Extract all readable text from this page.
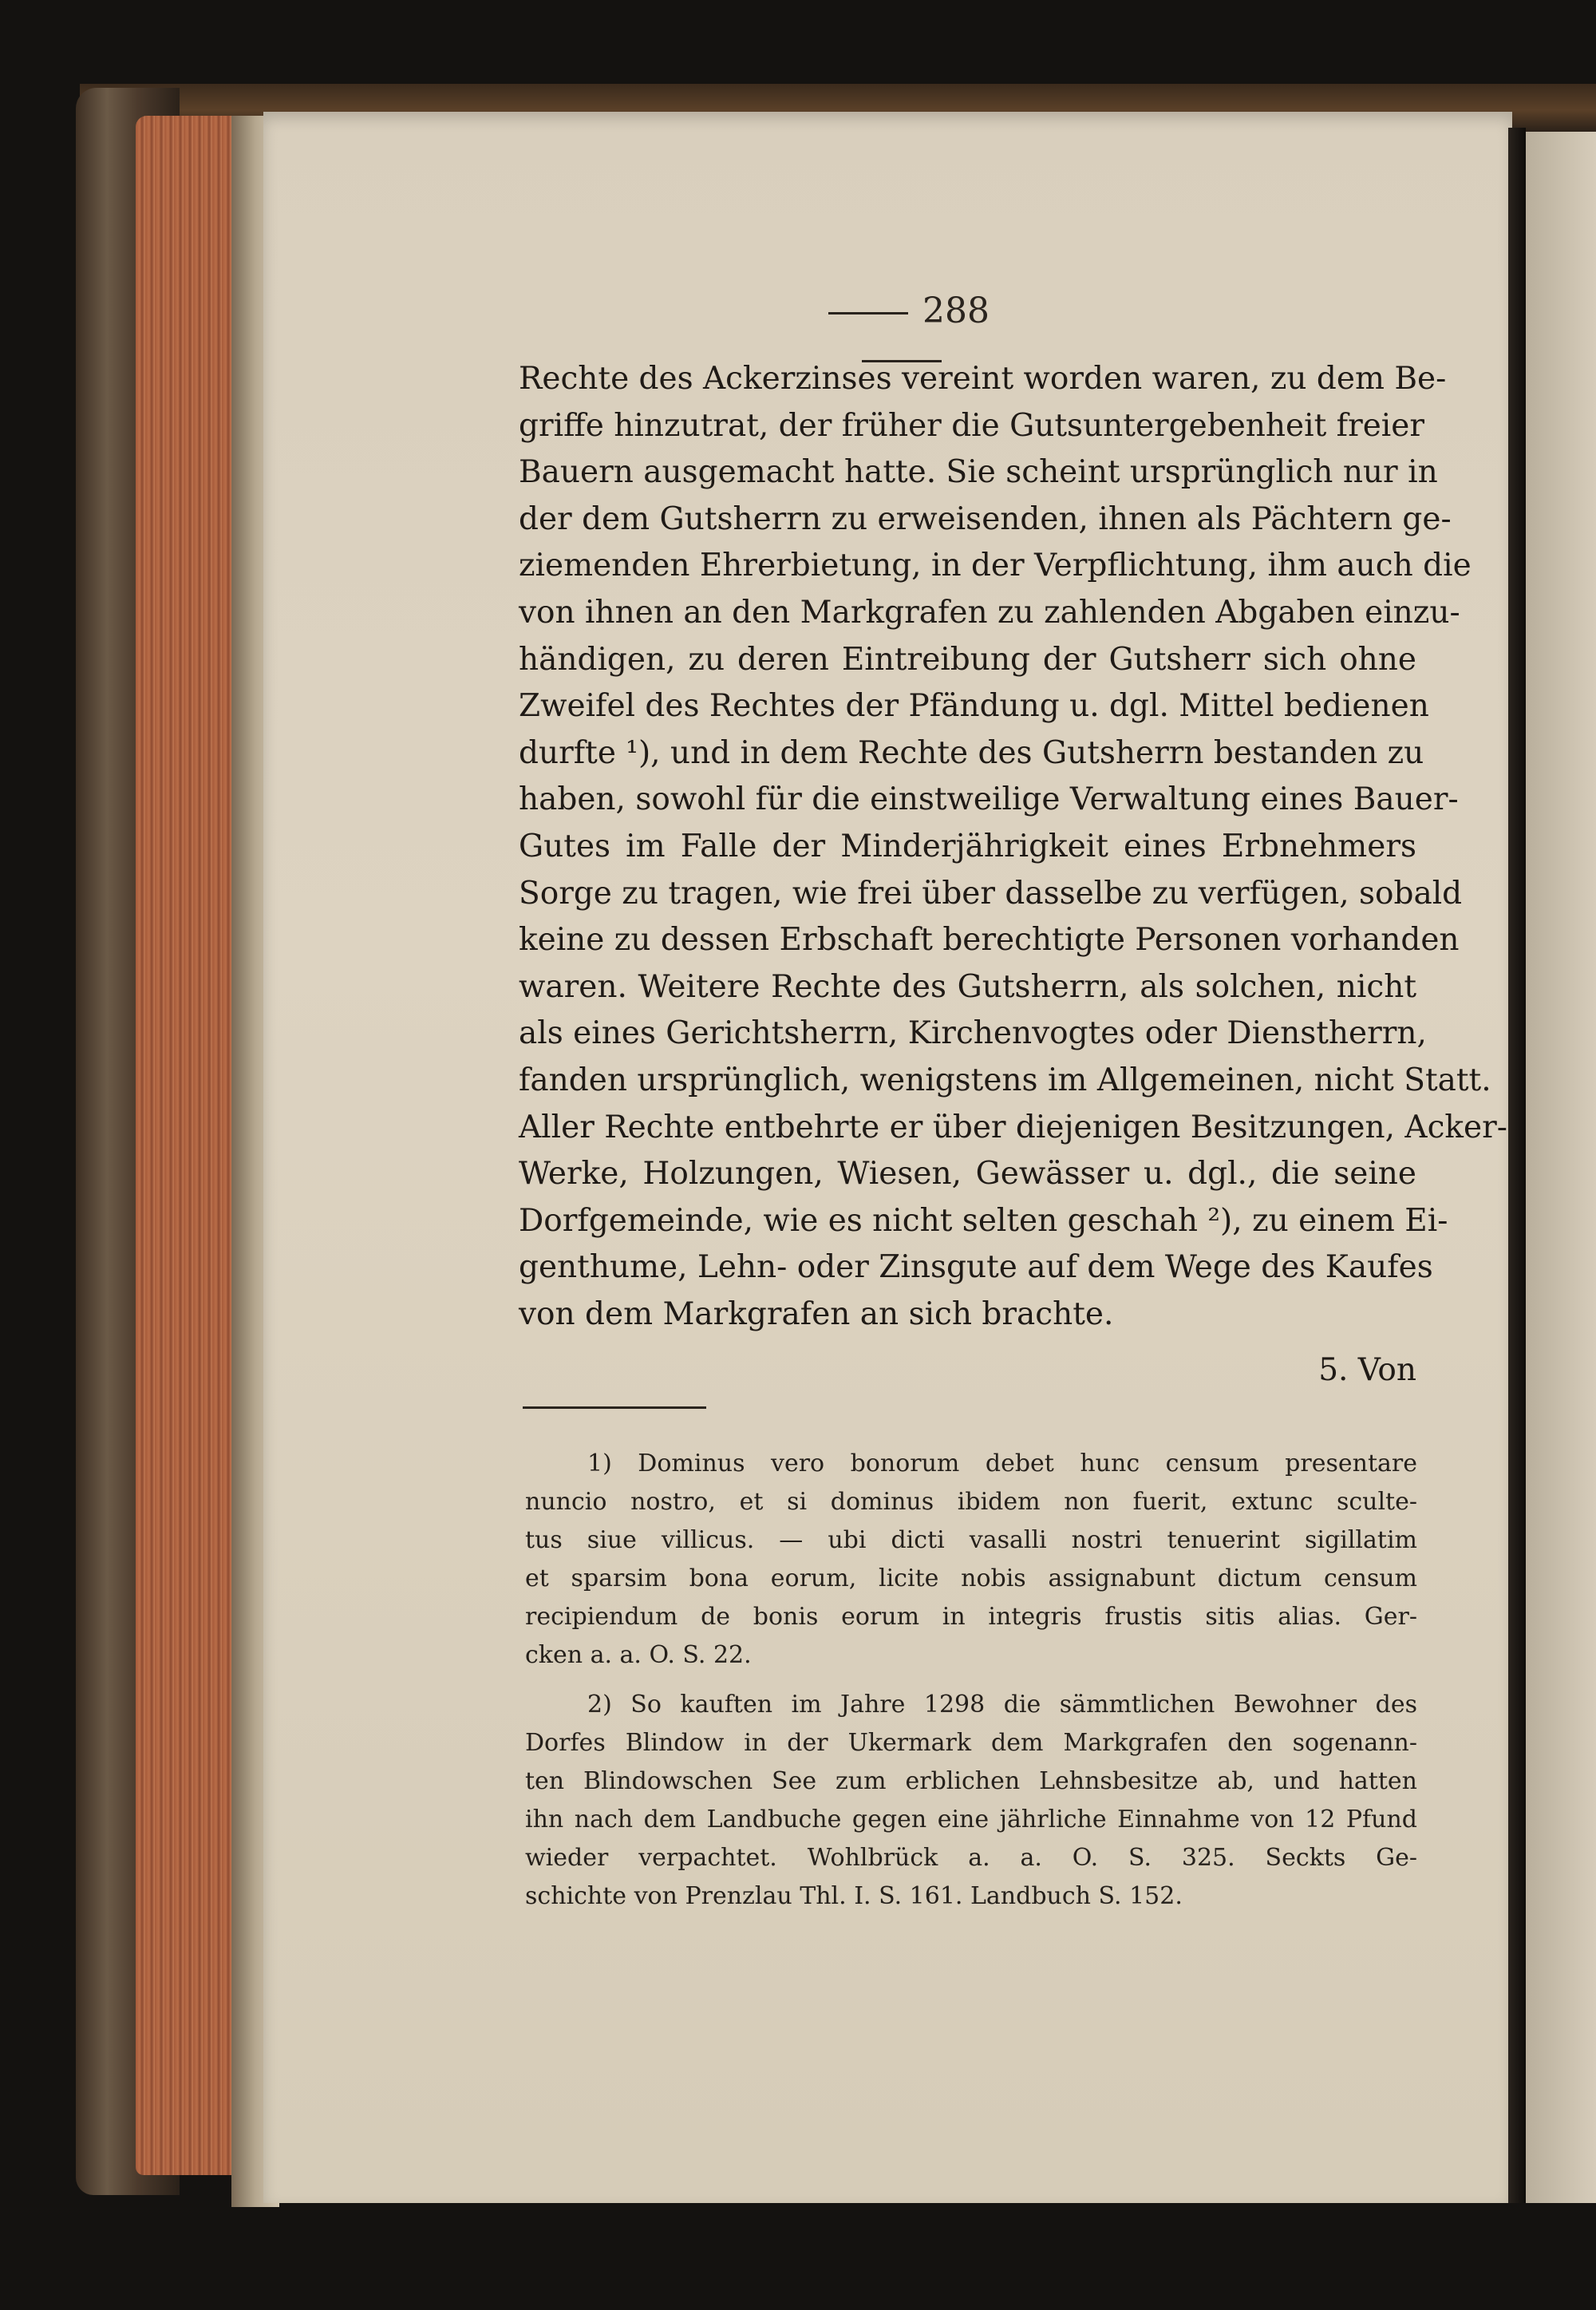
288
Rechte des Ackerzinses vereint worden waren, zu dem Be-
griffe hinzutrat, der früher die Gutsuntergebenheit freier
Bauern ausgemacht hatte. Sie scheint ursprünglich nur in
der dem Gutsherrn zu erweisenden, ihnen als Pächtern ge-
ziemenden Ehrerbietung, in der Verpflichtung, ihm auch die
von ihnen an den Markgrafen zu zahlenden Abgaben einzu-
händigen, zu deren Eintreibung der Gutsherr sich ohne
Zweifel des Rechtes der Pfändung u. dgl. Mittel bedienen
durfte ¹), und in dem Rechte des Gutsherrn bestanden zu
haben, sowohl für die einstweilige Verwaltung eines Bauer-
Gutes im Falle der Minderjährigkeit eines Erbnehmers
Sorge zu tragen, wie frei über dasselbe zu verfügen, sobald
keine zu dessen Erbschaft berechtigte Personen vorhanden
waren. Weitere Rechte des Gutsherrn, als solchen, nicht
als eines Gerichtsherrn, Kirchenvogtes oder Dienstherrn,
fanden ursprünglich, wenigstens im Allgemeinen, nicht Statt.
Aller Rechte entbehrte er über diejenigen Besitzungen, Acker-
Werke, Holzungen, Wiesen, Gewässer u. dgl., die seine
Dorfgemeinde, wie es nicht selten geschah ²), zu einem Ei-
genthume, Lehn- oder Zinsgute auf dem Wege des Kaufes
von dem Markgrafen an sich brachte.
5. Von
1) Dominus vero bonorum debet hunc censum presentare
nuncio nostro, et si dominus ibidem non fuerit, extunc sculte-
tus siue villicus. — ubi dicti vasalli nostri tenuerint sigillatim
et sparsim bona eorum, licite nobis assignabunt dictum censum
recipiendum de bonis eorum in integris frustis sitis alias. Ger-
cken a. a. O. S. 22.
2) So kauften im Jahre 1298 die sämmtlichen Bewohner des
Dorfes Blindow in der Ukermark dem Markgrafen den sogenann-
ten Blindowschen See zum erblichen Lehnsbesitze ab, und hatten
ihn nach dem Landbuche gegen eine jährliche Einnahme von 12 Pfund
wieder verpachtet. Wohlbrück a. a. O. S. 325. Seckts Ge-
schichte von Prenzlau Thl. I. S. 161. Landbuch S. 152.
